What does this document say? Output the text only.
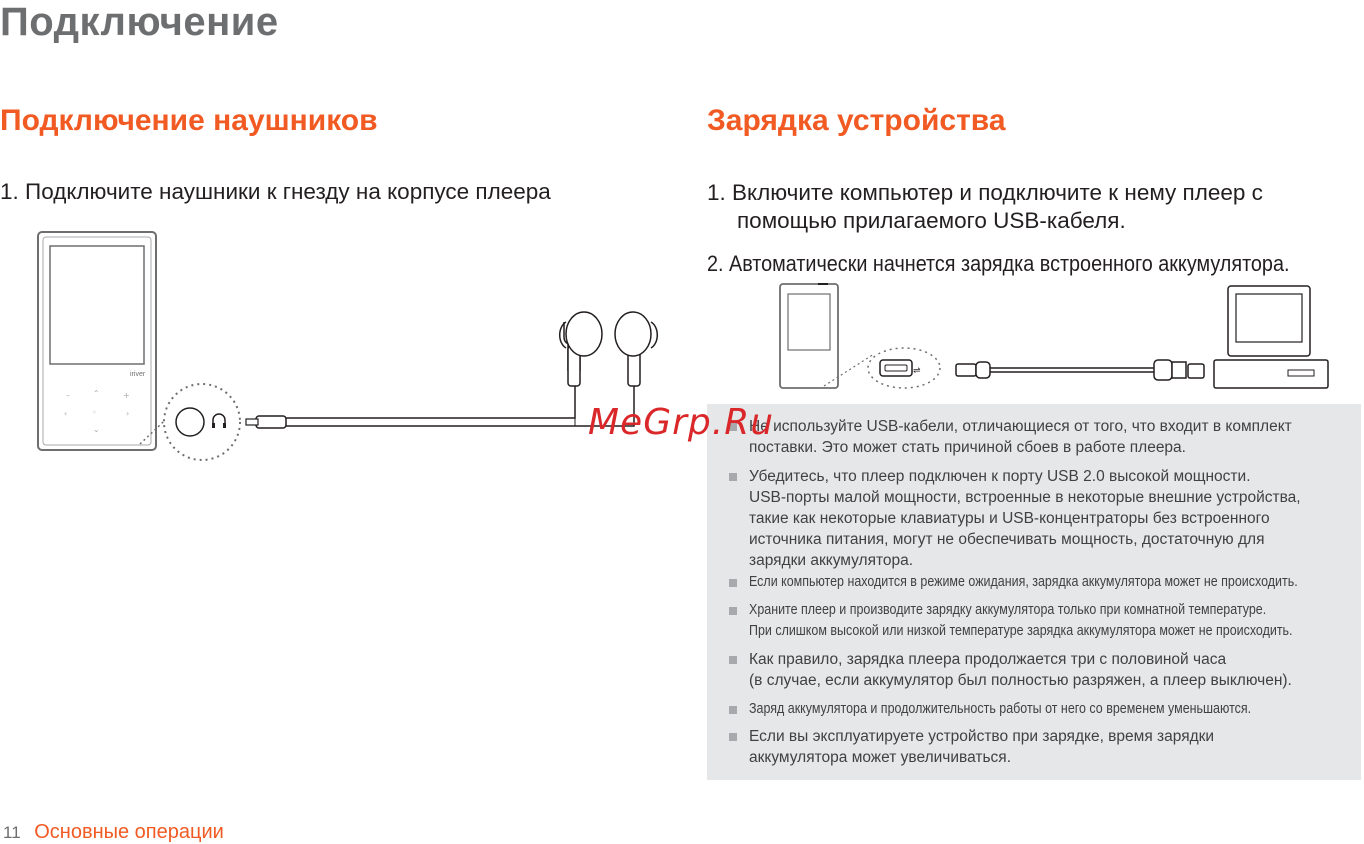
Подключение
Подключение наушников	Зарядка устройства
1. Подключите наушники к гнезду на корпусе плеера	1. Включите компьютер и подключите к нему плеер с
помощью прилагаемого USB-кабеля.
2. Автоматически начнется зарядка встроенного аккумулятора.
iriver
–	⌃	+
‹	◦	›
⌄
⇌
Не используйте USB-кабели, отличающиеся от того, что входит в комплект
поставки. Это может стать причиной сбоев в работе плеера.
Убедитесь, что плеер подключен к порту USB 2.0 высокой мощности.
USB-порты малой мощности, встроенные в некоторые внешние устройства,
такие как некоторые клавиатуры и USB-концентраторы без встроенного
источника питания, могут не обеспечивать мощность, достаточную для
зарядки аккумулятора.
Если компьютер находится в режиме ожидания, зарядка аккумулятора может не происходить.
Храните плеер и производите зарядку аккумулятора только при комнатной температуре.
При слишком высокой или низкой температуре зарядка аккумулятора может не происходить.
Как правило, зарядка плеера продолжается три с половиной часа
(в случае, если аккумулятор был полностью разряжен, а плеер выключен).
Заряд аккумулятора и продолжительность работы от него со временем уменьшаются.
Если вы эксплуатируете устройство при зарядке, время зарядки
аккумулятора может увеличиваться.
MeGrp.Ru
11 Основные операции
